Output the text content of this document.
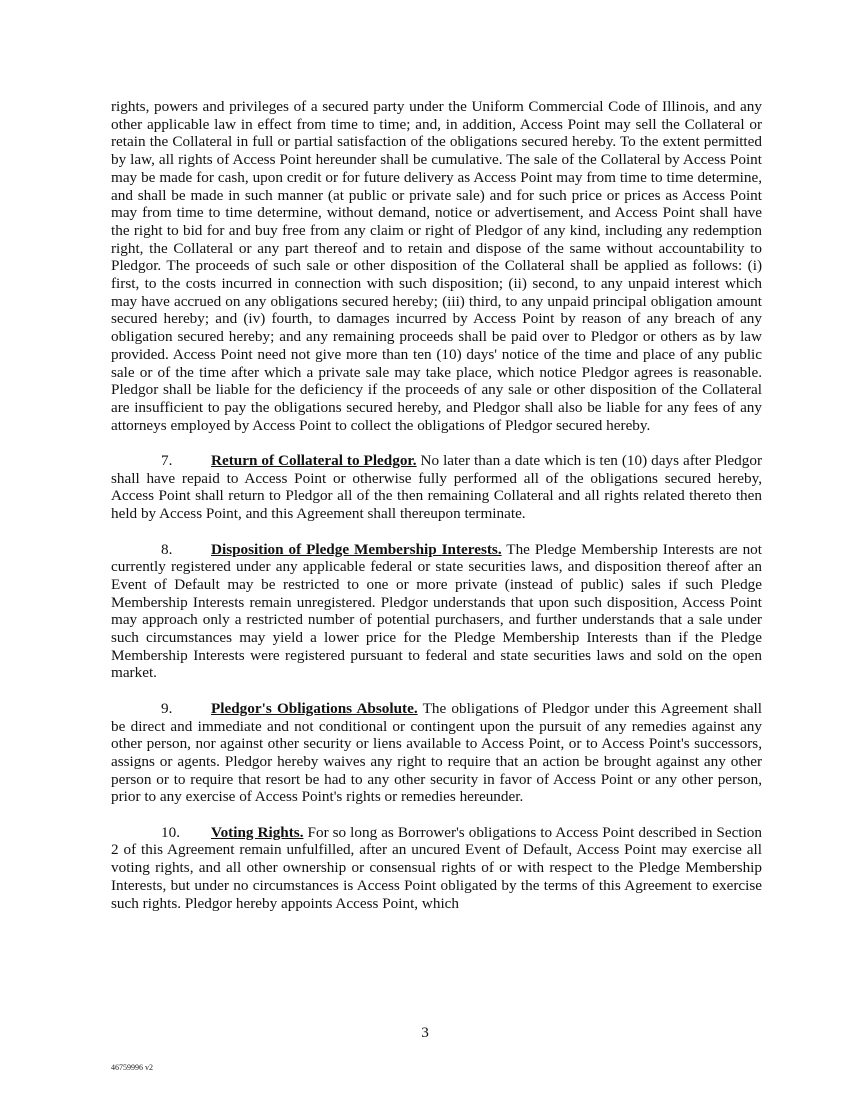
rights, powers and privileges of a secured party under the Uniform Commercial Code of Illinois, and any other applicable law in effect from time to time; and, in addition, Access Point may sell the Collateral or retain the Collateral in full or partial satisfaction of the obligations secured hereby. To the extent permitted by law, all rights of Access Point hereunder shall be cumulative. The sale of the Collateral by Access Point may be made for cash, upon credit or for future delivery as Access Point may from time to time determine, and shall be made in such manner (at public or private sale) and for such price or prices as Access Point may from time to time determine, without demand, notice or advertisement, and Access Point shall have the right to bid for and buy free from any claim or right of Pledgor of any kind, including any redemption right, the Collateral or any part thereof and to retain and dispose of the same without accountability to Pledgor. The proceeds of such sale or other disposition of the Collateral shall be applied as follows: (i) first, to the costs incurred in connection with such disposition; (ii) second, to any unpaid interest which may have accrued on any obligations secured hereby; (iii) third, to any unpaid principal obligation amount secured hereby; and (iv) fourth, to damages incurred by Access Point by reason of any breach of any obligation secured hereby; and any remaining proceeds shall be paid over to Pledgor or others as by law provided. Access Point need not give more than ten (10) days' notice of the time and place of any public sale or of the time after which a private sale may take place, which notice Pledgor agrees is reasonable. Pledgor shall be liable for the deficiency if the proceeds of any sale or other disposition of the Collateral are insufficient to pay the obligations secured hereby, and Pledgor shall also be liable for any fees of any attorneys employed by Access Point to collect the obligations of Pledgor secured hereby.

7.	Return of Collateral to Pledgor. No later than a date which is ten (10) days after Pledgor shall have repaid to Access Point or otherwise fully performed all of the obligations secured hereby, Access Point shall return to Pledgor all of the then remaining Collateral and all rights related thereto then held by Access Point, and this Agreement shall thereupon terminate.

8.	Disposition of Pledge Membership Interests. The Pledge Membership Interests are not currently registered under any applicable federal or state securities laws, and disposition thereof after an Event of Default may be restricted to one or more private (instead of public) sales if such Pledge Membership Interests remain unregistered. Pledgor understands that upon such disposition, Access Point may approach only a restricted number of potential purchasers, and further understands that a sale under such circumstances may yield a lower price for the Pledge Membership Interests than if the Pledge Membership Interests were registered pursuant to federal and state securities laws and sold on the open market.

9.	Pledgor's Obligations Absolute. The obligations of Pledgor under this Agreement shall be direct and immediate and not conditional or contingent upon the pursuit of any remedies against any other person, nor against other security or liens available to Access Point, or to Access Point's successors, assigns or agents. Pledgor hereby waives any right to require that an action be brought against any other person or to require that resort be had to any other security in favor of Access Point or any other person, prior to any exercise of Access Point's rights or remedies hereunder.

10. Voting Rights. For so long as Borrower's obligations to Access Point described in Section 2 of this Agreement remain unfulfilled, after an uncured Event of Default, Access Point may exercise all voting rights, and all other ownership or consensual rights of or with respect to the Pledge Membership Interests, but under no circumstances is Access Point obligated by the terms of this Agreement to exercise such rights. Pledgor hereby appoints Access Point, which

3
46759996 v2
